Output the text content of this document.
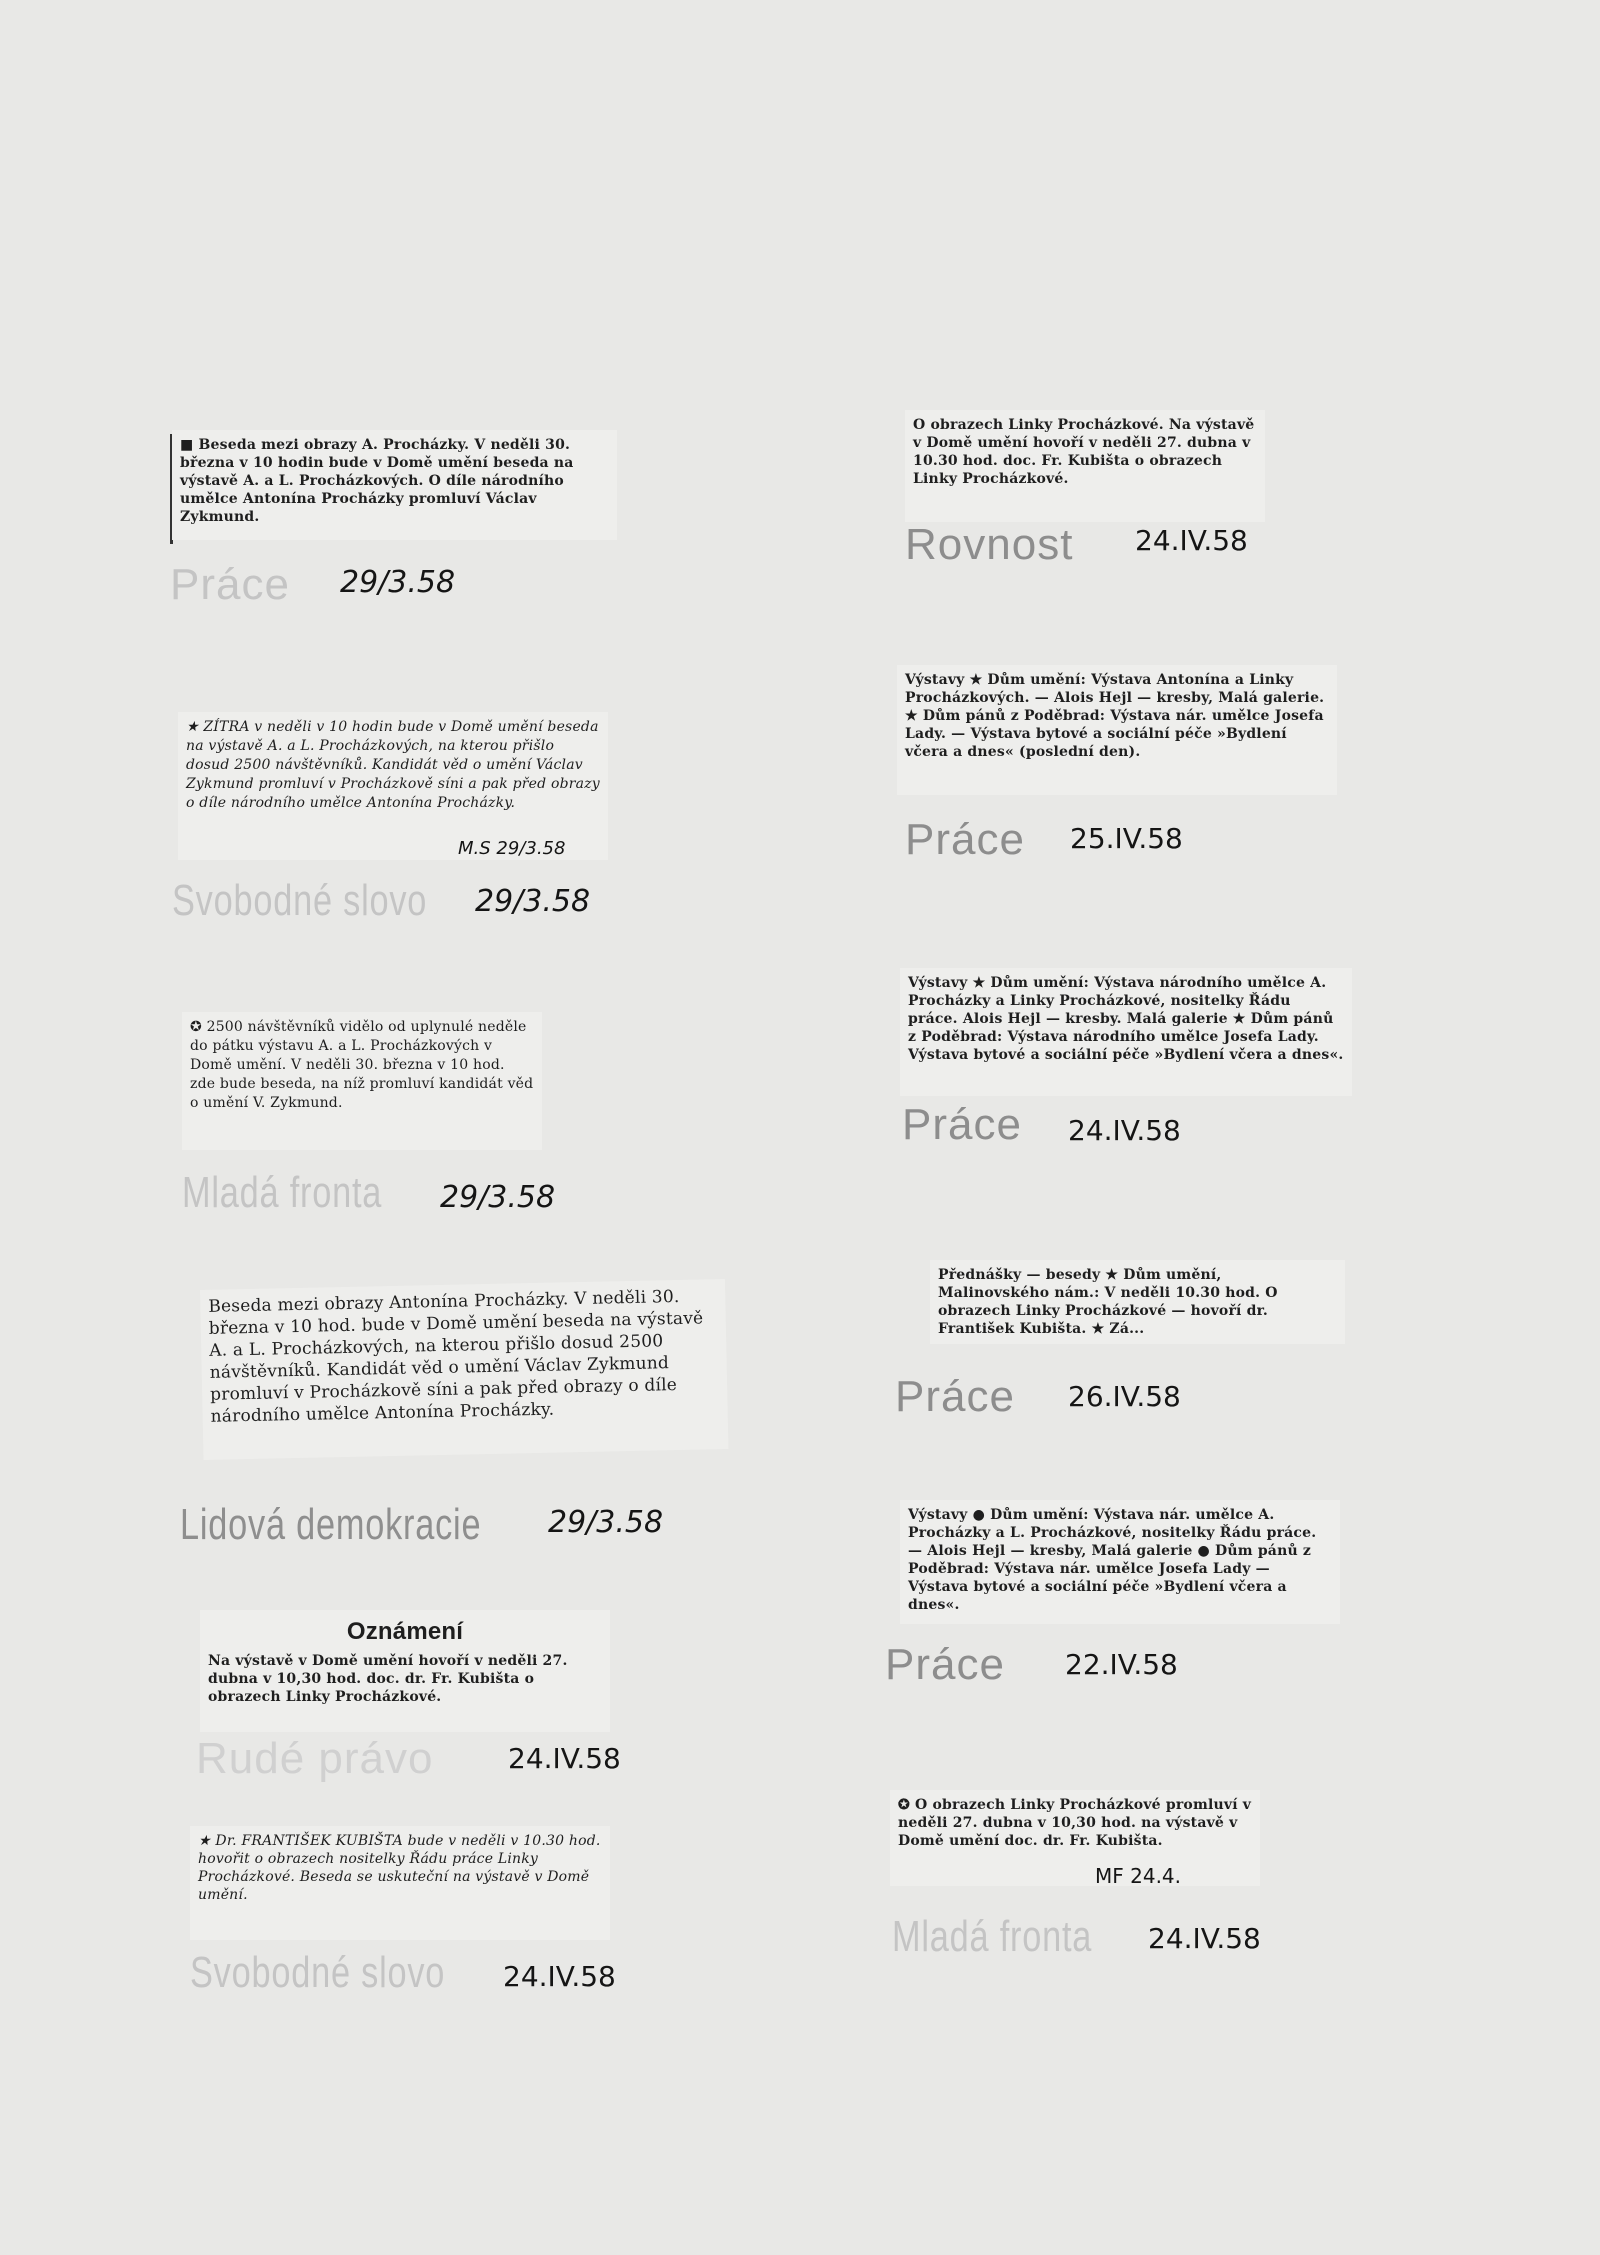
■ Beseda mezi obrazy A. Procházky. V neděli 30. března v 10 hodin bude v Domě umění beseda na výstavě A. a L. Procházkových. O díle národního umělce Antonína Procházky promluví Václav Zykmund.

Práce 29/3.58

★ ZÍTRA v neděli v 10 hodin bude v Domě umění beseda na výstavě A. a L. Procházkových, na kterou přišlo dosud 2500 návštěvníků. Kandidát věd o umění Václav Zykmund promluví v Procházkově síni a pak před obrazy o díle národního umělce Antonína Procházky.

M.S 29/3.58
Svobodné slovo 29/3.58

✪ 2500 návštěvníků vidělo od uplynulé neděle do pátku výstavu A. a L. Procházkových v Domě umění. V neděli 30. března v 10 hod. zde bude beseda, na níž promluví kandidát věd o umění V. Zykmund.

Mladá fronta 29/3.58

Beseda mezi obrazy Antonína Procházky. V neděli 30. března v 10 hod. bude v Domě umění beseda na výstavě A. a L. Procházkových, na kterou přišlo dosud 2500 návštěvníků. Kandidát věd o umění Václav Zykmund promluví v Procházkově síni a pak před obrazy o díle národního umělce Antonína Procházky.

Lidová demokracie 29/3.58
Oznámení

Na výstavě v Domě umění hovoří v neděli 27. dubna v 10,30 hod. doc. dr. Fr. Kubišta o obrazech Linky Procházkové.

Rudé právo	24.IV.58

★ Dr. FRANTIŠEK KUBIŠTA bude v neděli v 10.30 hod. hovořit o obrazech nositelky Řádu práce Linky Procházkové. Beseda se uskuteční na výstavě v Domě umění.

Svobodné slovo 24.IV.58

O obrazech Linky Procházkové. Na výstavě v Domě umění hovoří v neděli 27. dubna v 10.30 hod. doc. Fr. Kubišta o obrazech Linky Procházkové.

Rovnost 24.IV.58

Výstavy ★ Dům umění: Výstava Antonína a Linky Procházkových. — Alois Hejl — kresby, Malá galerie. ★ Dům pánů z Poděbrad: Výstava nár. umělce Josefa Lady. — Výstava bytové a sociální péče »Bydlení včera a dnes« (poslední den).

Práce 25.IV.58

Výstavy ★ Dům umění: Výstava národního umělce A. Procházky a Linky Procházkové, nositelky Řádu práce. Alois Hejl — kresby. Malá galerie ★ Dům pánů z Poděbrad: Výstava národního umělce Josefa Lady. Výstava bytové a sociální péče »Bydlení včera a dnes«.

Práce 24.IV.58

Přednášky — besedy ★ Dům umění, Malinovského nám.: V neděli 10.30 hod. O obrazech Linky Procházkové — hovoří dr. František Kubišta. ★ Zá...

Práce 26.IV.58

Výstavy ● Dům umění: Výstava nár. umělce A. Procházky a L. Procházkové, nositelky Řádu práce. — Alois Hejl — kresby, Malá galerie ● Dům pánů z Poděbrad: Výstava nár. umělce Josefa Lady — Výstava bytové a sociální péče »Bydlení včera a dnes«.

Práce 22.IV.58

✪ O obrazech Linky Procházkové promluví v neděli 27. dubna v 10,30 hod. na výstavě v Domě umění doc. dr. Fr. Kubišta.

MF 24.4.
Mladá fronta 24.IV.58
